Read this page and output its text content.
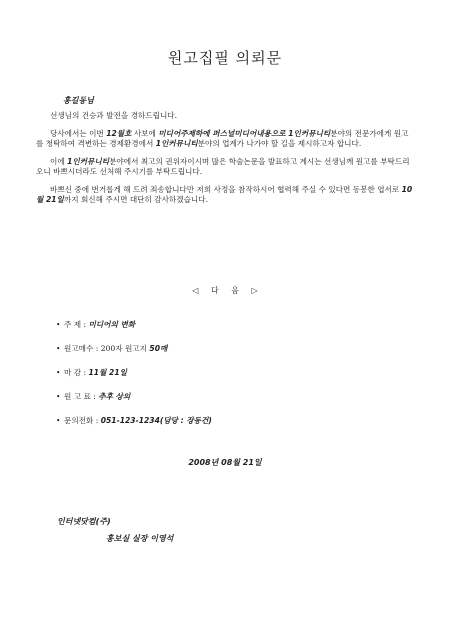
원고집필 의뢰문
홍길동님

선생님의 건승과 발전을 경하드립니다.

당사에서는 이번 12월호 사보에 미디어주제하에 퍼스널미디어내용으로 1인커뮤니티분야의 전문가에게 원고를 청탁하여 격변하는 경제환경에서 1인커뮤니티분야의 업계가 나가야 할 길을 제시하고자 합니다.

이에 1인커뮤니티분야에서 최고의 권위자이시며 많은 학술논문을 발표하고 계시는 선생님께 원고를 부탁드리오니 바쁘시더라도 선처해 주시기를 부탁드립니다.

바쁘신 중에 번거롭게 해 드려 죄송합니다만 저희 사정을 참작하시어 협력해 주실 수 있다면 동봉한 엽서로 10월 21일까지 회신해 주시면 대단히 감사하겠습니다.

◁ 다 음 ▷
• 주 제 : 미디어의 변화
• 원고매수 : 200자 원고지 50매
• 마 감 : 11월 21일
• 원 고 료 : 추후 상의
• 문의전화 : 051-123-1234(담당 : 장동건)
2008년 08월 21일
인터넷닷컴(주)
홍보실 실장 이영석
